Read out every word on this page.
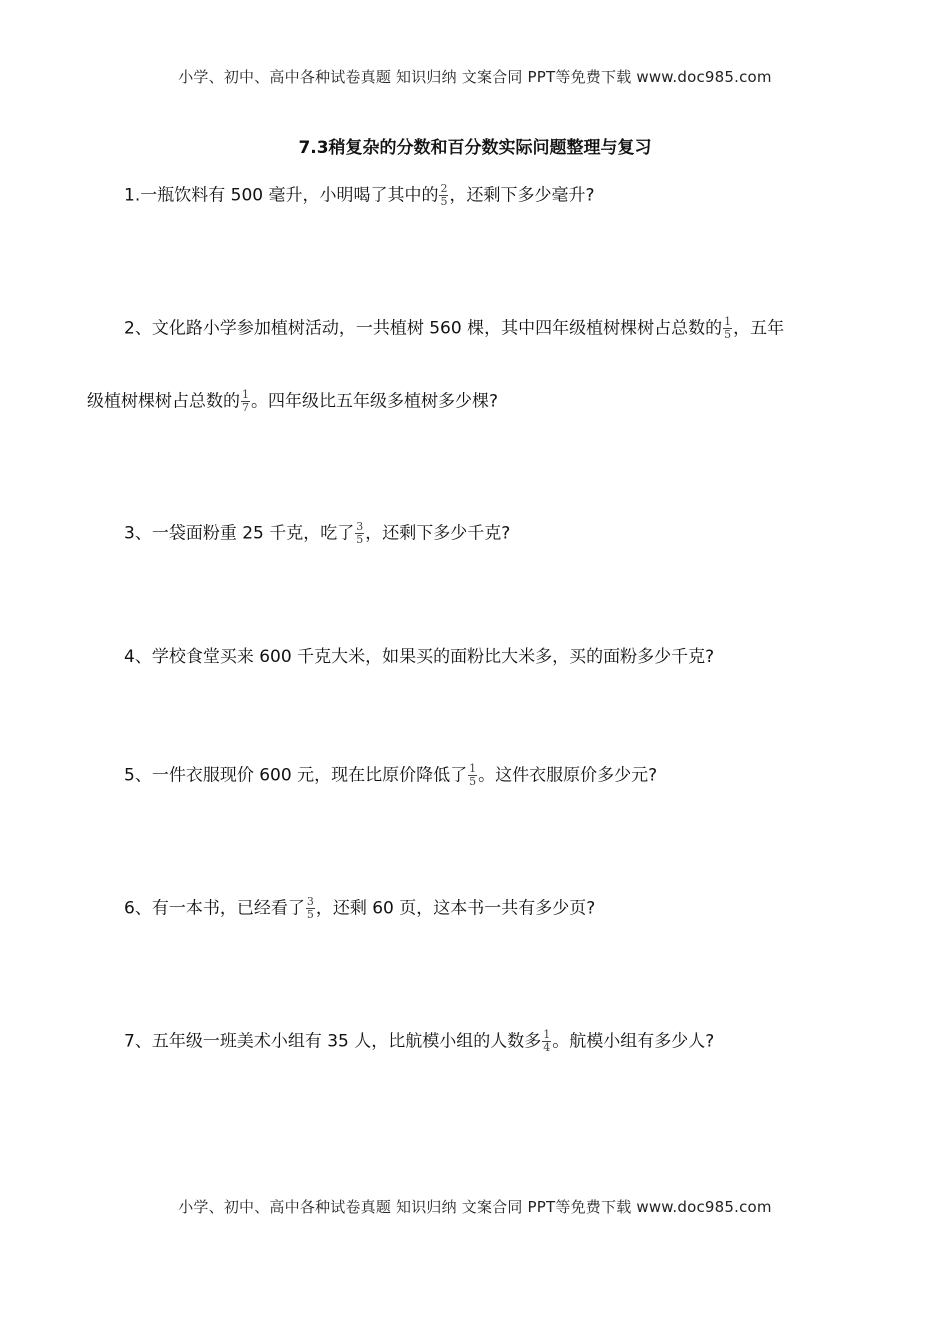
小学、初中、高中各种试卷真题 知识归纳 文案合同 PPT等免费下载 www.doc985.com
7.3稍复杂的分数和百分数实际问题整理与复习
1.一瓶饮料有 500 毫升，小明喝了其中的 $\frac{2}{5}$ ，还剩下多少毫升?
2、文化路小学参加植树活动，一共植树 560 棵，其中四年级植树棵树占总数的 $\frac{1}{5}$ ，五年
级植树棵树占总数的 $\frac{1}{7}$ 。四年级比五年级多植树多少棵?
3、一袋面粉重 25 千克，吃了 $\frac{3}{5}$ ，还剩下多少千克?
4、学校食堂买来 600 千克大米，如果买的面粉比大米多，买的面粉多少千克?
5、一件衣服现价 600 元，现在比原价降低了 $\frac{1}{5}$ 。这件衣服原价多少元?
6、有一本书，已经看了 $\frac{3}{5}$ ，还剩 60 页，这本书一共有多少页?
7、五年级一班美术小组有 35 人，比航模小组的人数多 $\frac{1}{4}$ 。航模小组有多少人?
小学、初中、高中各种试卷真题 知识归纳 文案合同 PPT等免费下载 www.doc985.com
